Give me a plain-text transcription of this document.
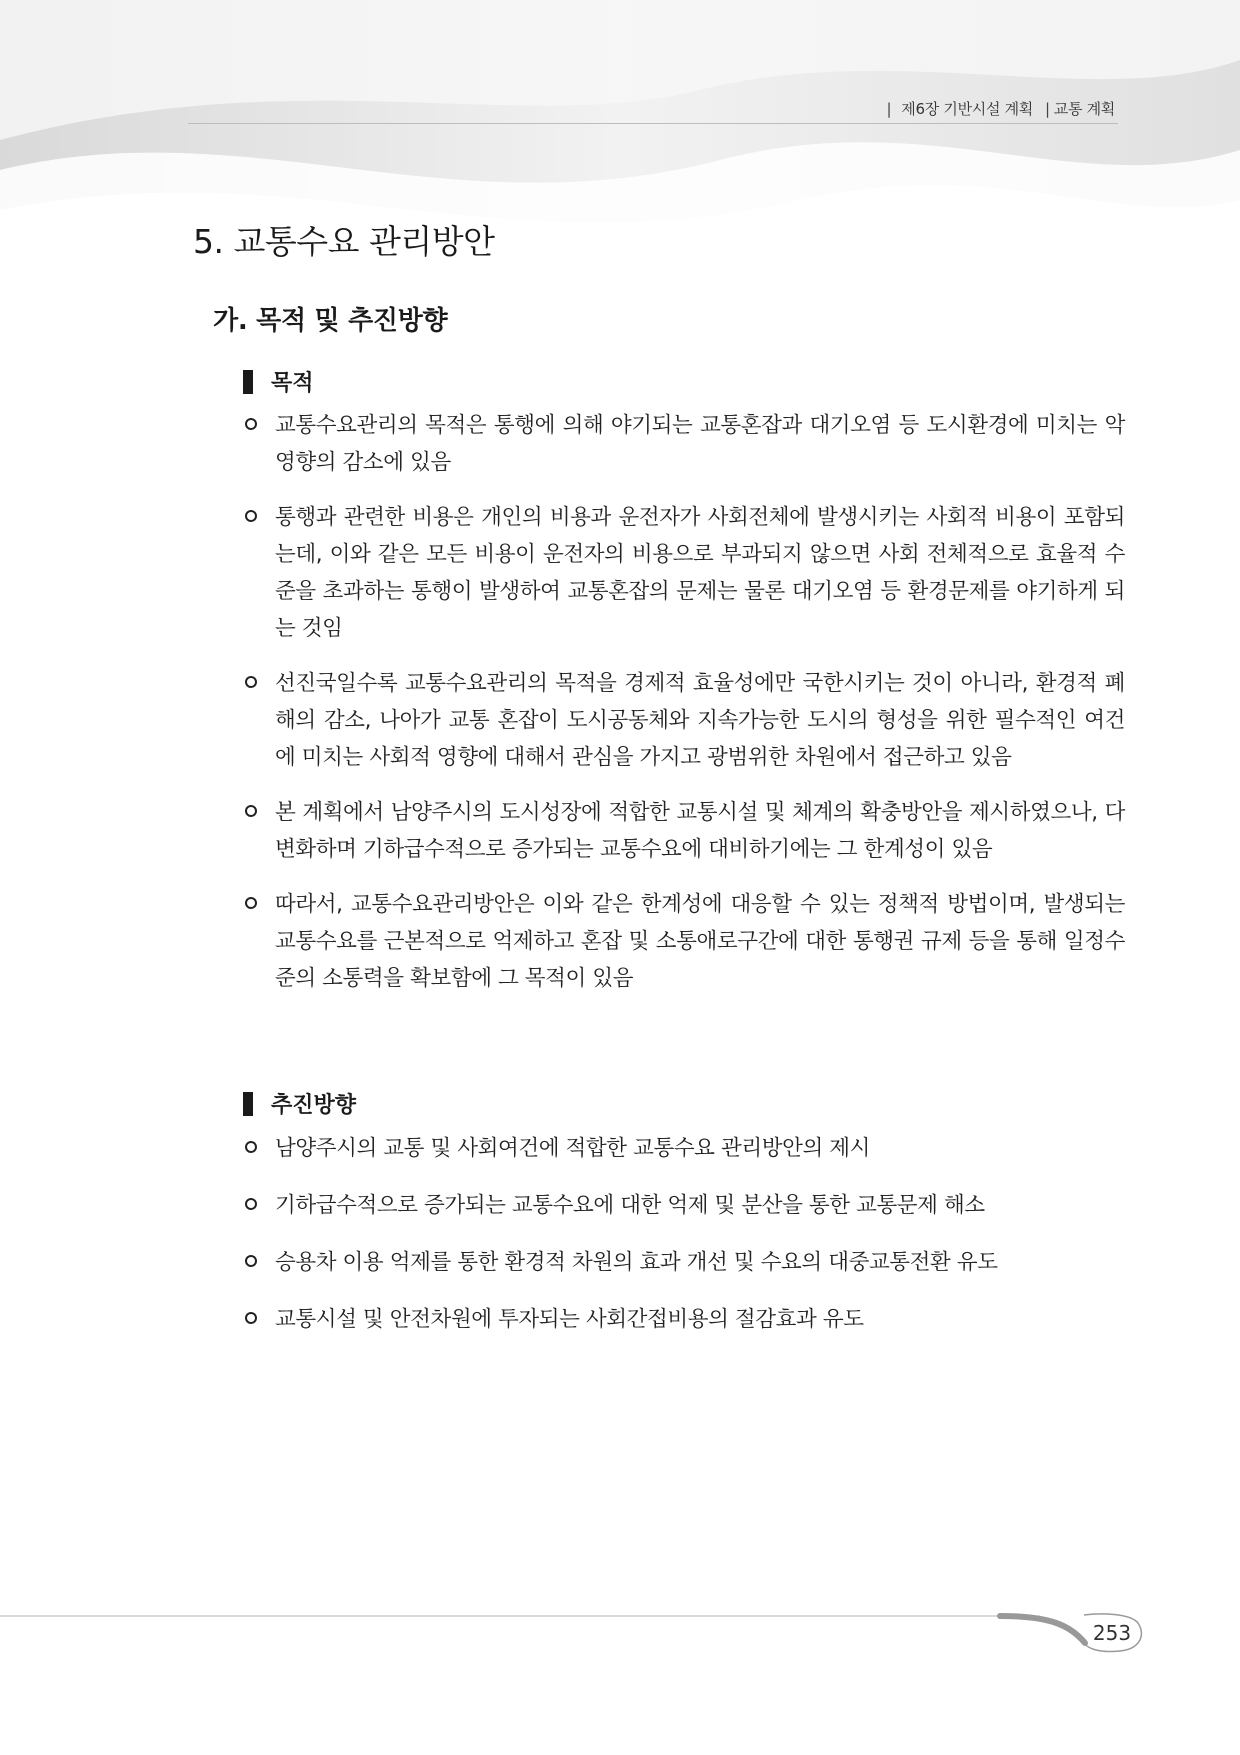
| 제6장 기반시설 계획 | 교통 계획
5. 교통수요 관리방안
가. 목적 및 추진방향
목적
교통수요관리의 목적은 통행에 의해 야기되는 교통혼잡과 대기오염 등 도시환경에 미치는 악영향의 감소에 있음
통행과 관련한 비용은 개인의 비용과 운전자가 사회전체에 발생시키는 사회적 비용이 포함되는데, 이와 같은 모든 비용이 운전자의 비용으로 부과되지 않으면 사회 전체적으로 효율적 수준을 초과하는 통행이 발생하여 교통혼잡의 문제는 물론 대기오염 등 환경문제를 야기하게 되는 것임
선진국일수록 교통수요관리의 목적을 경제적 효율성에만 국한시키는 것이 아니라, 환경적 폐해의 감소, 나아가 교통 혼잡이 도시공동체와 지속가능한 도시의 형성을 위한 필수적인 여건에 미치는 사회적 영향에 대해서 관심을 가지고 광범위한 차원에서 접근하고 있음
본 계획에서 남양주시의 도시성장에 적합한 교통시설 및 체계의 확충방안을 제시하였으나, 다변화하며 기하급수적으로 증가되는 교통수요에 대비하기에는 그 한계성이 있음
따라서, 교통수요관리방안은 이와 같은 한계성에 대응할 수 있는 정책적 방법이며, 발생되는 교통수요를 근본적으로 억제하고 혼잡 및 소통애로구간에 대한 통행권 규제 등을 통해 일정수준의 소통력을 확보함에 그 목적이 있음
추진방향
남양주시의 교통 및 사회여건에 적합한 교통수요 관리방안의 제시
기하급수적으로 증가되는 교통수요에 대한 억제 및 분산을 통한 교통문제 해소
승용차 이용 억제를 통한 환경적 차원의 효과 개선 및 수요의 대중교통전환 유도
교통시설 및 안전차원에 투자되는 사회간접비용의 절감효과 유도
253
